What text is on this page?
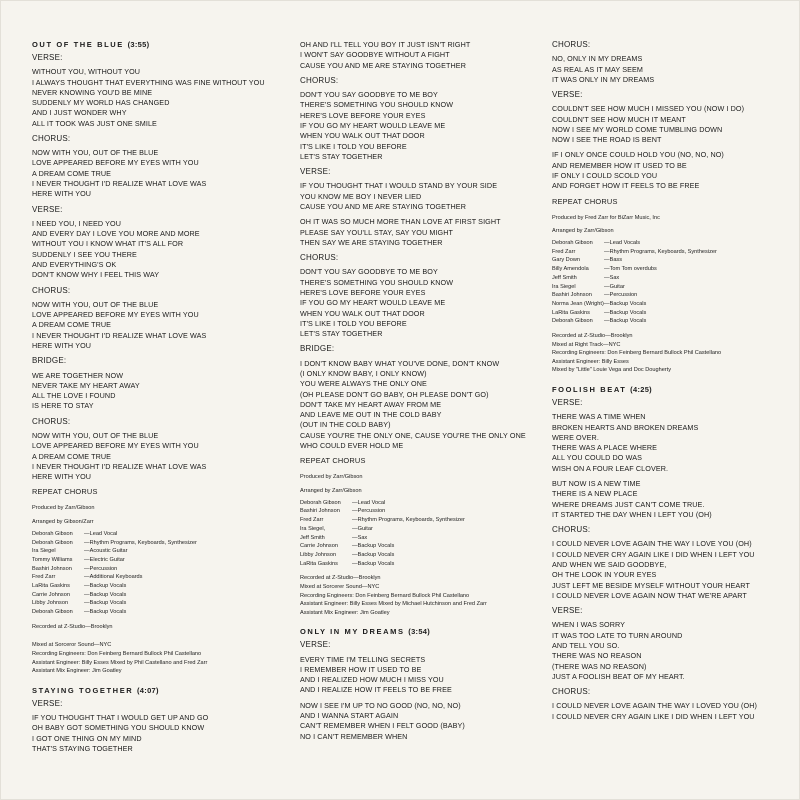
OUT OF THE BLUE (3:55)
VERSE:
WITHOUT YOU, WITHOUT YOU
I ALWAYS THOUGHT THAT EVERYTHING WAS FINE WITHOUT YOU
NEVER KNOWING YOU'D BE MINE
SUDDENLY MY WORLD HAS CHANGED
AND I JUST WONDER WHY
ALL IT TOOK WAS JUST ONE SMILE
CHORUS:
NOW WITH YOU, OUT OF THE BLUE
LOVE APPEARED BEFORE MY EYES WITH YOU
A DREAM COME TRUE
I NEVER THOUGHT I'D REALIZE WHAT LOVE WAS
HERE WITH YOU
VERSE:
I NEED YOU, I NEED YOU
AND EVERY DAY I LOVE YOU MORE AND MORE
WITHOUT YOU I KNOW WHAT IT'S ALL FOR
SUDDENLY I SEE YOU THERE
AND EVERYTHING'S OK
DON'T KNOW WHY I FEEL THIS WAY
CHORUS:
NOW WITH YOU, OUT OF THE BLUE
LOVE APPEARED BEFORE MY EYES WITH YOU
A DREAM COME TRUE
I NEVER THOUGHT I'D REALIZE WHAT LOVE WAS
HERE WITH YOU
BRIDGE:
WE ARE TOGETHER NOW
NEVER TAKE MY HEART AWAY
ALL THE LOVE I FOUND
IS HERE TO STAY
CHORUS:
NOW WITH YOU, OUT OF THE BLUE
LOVE APPEARED BEFORE MY EYES WITH YOU
A DREAM COME TRUE
I NEVER THOUGHT I'D REALIZE WHAT LOVE WAS
HERE WITH YOU
REPEAT CHORUS
Produced by Zarr/Gibson
Arranged by Gibson/Zarr
Deborah Gibson	—Lead Vocal
Deborah Gibson	—Rhythm Programs, Keyboards, Synthesizer
Ira Siegel	—Acoustic Guitar
Tommy Williams	—Electric Guitar
Bashiri Johnson	—Percussion
Fred Zarr	—Additional Keyboards
LaRita Gaskins	—Backup Vocals
Carrie Johnson	—Backup Vocals
Libby Johnson	—Backup Vocals
Deborah Gibson	—Backup Vocals
Recorded at Z-Studio—Brooklyn
Mixed at Sorceror Sound—NYC
Recording Engineers: Don Feinberg Bernard Bullock Phil Castellano
Assistant Engineer: Billy Esses Mixed by Phil Castellano and Fred Zarr
Assistant Mix Engineer: Jim Goatley
STAYING TOGETHER (4:07)
VERSE:
IF YOU THOUGHT THAT I WOULD GET UP AND GO
OH BABY GOT SOMETHING YOU SHOULD KNOW
I GOT ONE THING ON MY MIND
THAT'S STAYING TOGETHER
OH AND I'LL TELL YOU BOY IT JUST ISN'T RIGHT
I WON'T SAY GOODBYE WITHOUT A FIGHT
CAUSE YOU AND ME ARE STAYING TOGETHER
CHORUS:
DON'T YOU SAY GOODBYE TO ME BOY
THERE'S SOMETHING YOU SHOULD KNOW
HERE'S LOVE BEFORE YOUR EYES
IF YOU GO MY HEART WOULD LEAVE ME
WHEN YOU WALK OUT THAT DOOR
IT'S LIKE I TOLD YOU BEFORE
LET'S STAY TOGETHER
VERSE:
IF YOU THOUGHT THAT I WOULD STAND BY YOUR SIDE
YOU KNOW ME BOY I NEVER LIED
CAUSE YOU AND ME ARE STAYING TOGETHER
OH IT WAS SO MUCH MORE THAN LOVE AT FIRST SIGHT
PLEASE SAY YOU'LL STAY, SAY YOU MIGHT
THEN SAY WE ARE STAYING TOGETHER
CHORUS:
DON'T YOU SAY GOODBYE TO ME BOY
THERE'S SOMETHING YOU SHOULD KNOW
HERE'S LOVE BEFORE YOUR EYES
IF YOU GO MY HEART WOULD LEAVE ME
WHEN YOU WALK OUT THAT DOOR
IT'S LIKE I TOLD YOU BEFORE
LET'S STAY TOGETHER
BRIDGE:
I DON'T KNOW BABY WHAT YOU'VE DONE, DON'T KNOW
(I ONLY KNOW BABY, I ONLY KNOW)
YOU WERE ALWAYS THE ONLY ONE
(OH PLEASE DON'T GO BABY, OH PLEASE DON'T GO)
DON'T TAKE MY HEART AWAY FROM ME
AND LEAVE ME OUT IN THE COLD BABY
(OUT IN THE COLD BABY)
CAUSE YOU'RE THE ONLY ONE, CAUSE YOU'RE THE ONLY ONE
WHO COULD EVER HOLD ME
REPEAT CHORUS
Produced by Zarr/Gibson
Arranged by Zarr/Gibson
Deborah Gibson	—Lead Vocal
Bashiri Johnson	—Percussion
Fred Zarr	—Rhythm Programs, Keyboards, Synthesizer
Ira Siegel,	—Guitar
Jeff Smith	—Sax
Carrie Johnson	—Backup Vocals
Libby Johnson	—Backup Vocals
LaRita Gaskins	—Backup Vocals
Recorded at Z-Studio—Brooklyn
Mixed at Sorcerer Sound—NYC
Recording Engineers: Don Feinberg Bernard Bullock Phil Castellano
Assistant Engineer: Billy Esses Mixed by Michael Hutchinson and Fred Zarr
Assistant Mix Engineer: Jim Goatley
ONLY IN MY DREAMS (3:54)
VERSE:
EVERY TIME I'M TELLING SECRETS
I REMEMBER HOW IT USED TO BE
AND I REALIZED HOW MUCH I MISS YOU
AND I REALIZE HOW IT FEELS TO BE FREE
NOW I SEE I'M UP TO NO GOOD (NO, NO, NO)
AND I WANNA START AGAIN
CAN'T REMEMBER WHEN I FELT GOOD (BABY)
NO I CAN'T REMEMBER WHEN
CHORUS:
NO, ONLY IN MY DREAMS
AS REAL AS IT MAY SEEM
IT WAS ONLY IN MY DREAMS
VERSE:
COULDN'T SEE HOW MUCH I MISSED YOU (NOW I DO)
COULDN'T SEE HOW MUCH IT MEANT
NOW I SEE MY WORLD COME TUMBLING DOWN
NOW I SEE THE ROAD IS BENT
IF I ONLY ONCE COULD HOLD YOU (NO, NO, NO)
AND REMEMBER HOW IT USED TO BE
IF ONLY I COULD SCOLD YOU
AND FORGET HOW IT FEELS TO BE FREE
REPEAT CHORUS
Produced by Fred Zarr for BiZarr Music, Inc
Arranged by Zarr/Gibson
Deborah Gibson	—Lead Vocals
Fred Zarr	—Rhythm Programs, Keyboards, Synthesizer
Gary Down	—Bass
Billy Amendola	—Tom Tom overdubs
Jeff Smith	—Sax
Ira Siegel	—Guitar
Bashiri Johnson	—Percussion
Norma Jean (Wright) —Backup Vocals
LaRita Gaskins	—Backup Vocals
Deborah Gibson	—Backup Vocals
Recorded at Z-Studio—Brooklyn
Mixed at Right Track—NYC
Recording Engineers: Don Feinberg Bernard Bullock Phil Castellano
Assistant Engineer: Billy Esses
Mixed by "Little" Louie Vega and Doc Dougherty
FOOLISH BEAT (4:25)
VERSE:
THERE WAS A TIME WHEN
BROKEN HEARTS AND BROKEN DREAMS
WERE OVER.
THERE WAS A PLACE WHERE
ALL YOU COULD DO WAS
WISH ON A FOUR LEAF CLOVER.
BUT NOW IS A NEW TIME
THERE IS A NEW PLACE
WHERE DREAMS JUST CAN'T COME TRUE.
IT STARTED THE DAY WHEN I LEFT YOU (OH)
CHORUS:
I COULD NEVER LOVE AGAIN THE WAY I LOVE YOU (OH)
I COULD NEVER CRY AGAIN LIKE I DID WHEN I LEFT YOU
AND WHEN WE SAID GOODBYE,
OH THE LOOK IN YOUR EYES
JUST LEFT ME BESIDE MYSELF WITHOUT YOUR HEART
I COULD NEVER LOVE AGAIN NOW THAT WE'RE APART
VERSE:
WHEN I WAS SORRY
IT WAS TOO LATE TO TURN AROUND
AND TELL YOU SO.
THERE WAS NO REASON
(THERE WAS NO REASON)
JUST A FOOLISH BEAT OF MY HEART.
CHORUS:
I COULD NEVER LOVE AGAIN THE WAY I LOVED YOU (OH)
I COULD NEVER CRY AGAIN LIKE I DID WHEN I LEFT YOU
